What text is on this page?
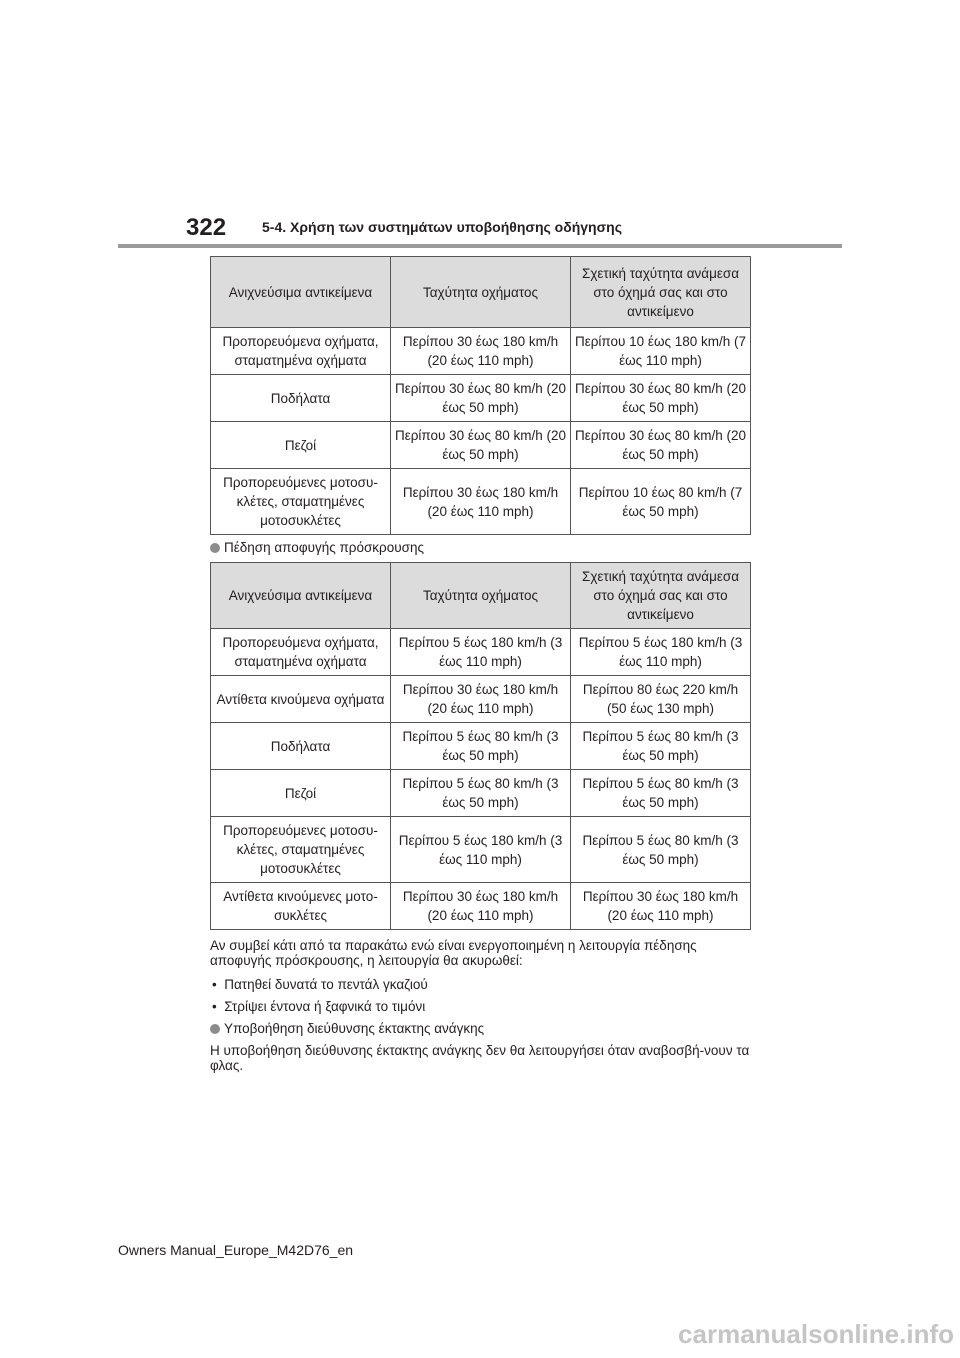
322	5-4. Χρήση των συστημάτων υποβοήθησης οδήγησης
Ανιχνεύσιμα αντικείμενα	Ταχύτητα οχήματος	Σχετική ταχύτητα ανάμεσα στο όχημά σας και στο αντικείμενο
Προπορευόμενα οχήματα, σταματημένα οχήματα	Περίπου 30 έως 180 km/h (20 έως 110 mph)	Περίπου 10 έως 180 km/h (7 έως 110 mph)
Ποδήλατα	Περίπου 30 έως 80 km/h (20 έως 50 mph)	Περίπου 30 έως 80 km/h (20 έως 50 mph)
Πεζοί	Περίπου 30 έως 80 km/h (20 έως 50 mph)	Περίπου 30 έως 80 km/h (20 έως 50 mph)
Προπορευόμενες μοτοσυ-κλέτες, σταματημένες μοτοσυκλέτες	Περίπου 30 έως 180 km/h (20 έως 110 mph)	Περίπου 10 έως 80 km/h (7 έως 50 mph)
Πέδηση αποφυγής πρόσκρουσης
Ανιχνεύσιμα αντικείμενα	Ταχύτητα οχήματος	Σχετική ταχύτητα ανάμεσα στο όχημά σας και στο αντικείμενο
Προπορευόμενα οχήματα, σταματημένα οχήματα	Περίπου 5 έως 180 km/h (3 έως 110 mph)	Περίπου 5 έως 180 km/h (3 έως 110 mph)
Αντίθετα κινούμενα οχήματα	Περίπου 30 έως 180 km/h (20 έως 110 mph)	Περίπου 80 έως 220 km/h (50 έως 130 mph)
Ποδήλατα	Περίπου 5 έως 80 km/h (3 έως 50 mph)	Περίπου 5 έως 80 km/h (3 έως 50 mph)
Πεζοί	Περίπου 5 έως 80 km/h (3 έως 50 mph)	Περίπου 5 έως 80 km/h (3 έως 50 mph)
Προπορευόμενες μοτοσυ-κλέτες, σταματημένες μοτοσυκλέτες	Περίπου 5 έως 180 km/h (3 έως 110 mph)	Περίπου 5 έως 80 km/h (3 έως 50 mph)
Αντίθετα κινούμενες μοτο-συκλέτες	Περίπου 30 έως 180 km/h (20 έως 110 mph)	Περίπου 30 έως 180 km/h (20 έως 110 mph)

Αν συμβεί κάτι από τα παρακάτω ενώ είναι ενεργοποιημένη η λειτουργία πέδησης αποφυγής πρόσκρουσης, η λειτουργία θα ακυρωθεί:

•  Πατηθεί δυνατά το πεντάλ γκαζιού
•  Στρίψει έντονα ή ξαφνικά το τιμόνι
Υποβοήθηση διεύθυνσης έκτακτης ανάγκης

Η υποβοήθηση διεύθυνσης έκτακτης ανάγκης δεν θα λειτουργήσει όταν αναβοσβή-νουν τα φλας.

Owners Manual_Europe_M42D76_en
carmanualsonline.info
